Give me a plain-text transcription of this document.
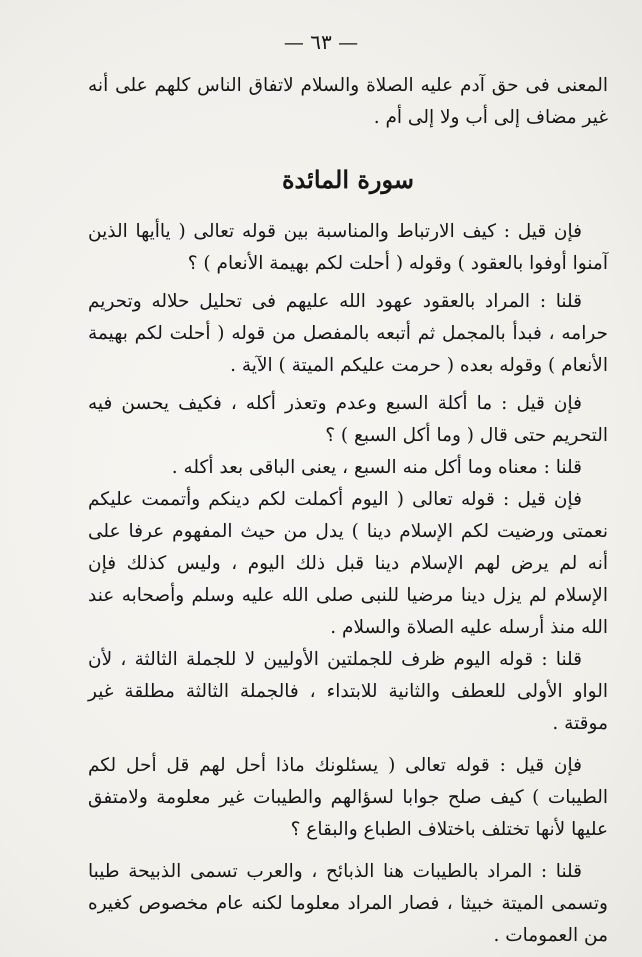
— ٦٣ —

المعنى فى حق آدم عليه الصلاة والسلام لاتفاق الناس كلهم على أنه غير مضاف إلى أب ولا إلى أم .

سورة المائدة

فإن قيل : كيف الارتباط والمناسبة بين قوله تعالى ( ياأيها الذين آمنوا أوفوا بالعقود ) وقوله ( أحلت لكم بهيمة الأنعام ) ؟

قلنا : المراد بالعقود عهود الله عليهم فى تحليل حلاله وتحريم حرامه ، فبدأ بالمجمل ثم أتبعه بالمفصل من قوله ( أحلت لكم بهيمة الأنعام ) وقوله بعده ( حرمت عليكم الميتة ) الآية .

فإن قيل : ما أكلة السبع وعدم وتعذر أكله ، فكيف يحسن فيه التحريم حتى قال ( وما أكل السبع ) ؟

قلنا : معناه وما أكل منه السبع ، يعنى الباقى بعد أكله .

فإن قيل : قوله تعالى ( اليوم أكملت لكم دينكم وأتممت عليكم نعمتى ورضيت لكم الإسلام دينا ) يدل من حيث المفهوم عرفا على أنه لم يرض لهم الإسلام دينا قبل ذلك اليوم ، وليس كذلك فإن الإسلام لم يزل دينا مرضيا للنبى صلى الله عليه وسلم وأصحابه عند الله منذ أرسله عليه الصلاة والسلام .

قلنا : قوله اليوم ظرف للجملتين الأوليين لا للجملة الثالثة ، لأن الواو الأولى للعطف والثانية للابتداء ، فالجملة الثالثة مطلقة غير موقتة .

فإن قيل : قوله تعالى ( يسئلونك ماذا أحل لهم قل أحل لكم الطيبات ) كيف صلح جوابا لسؤالهم والطيبات غير معلومة ولامتفق عليها لأنها تختلف باختلاف الطباع والبقاع ؟

قلنا : المراد بالطيبات هنا الذبائح ، والعرب تسمى الذبيحة طيبا وتسمى الميتة خبيثا ، فصار المراد معلوما لكنه عام مخصوص كغيره من العمومات .
